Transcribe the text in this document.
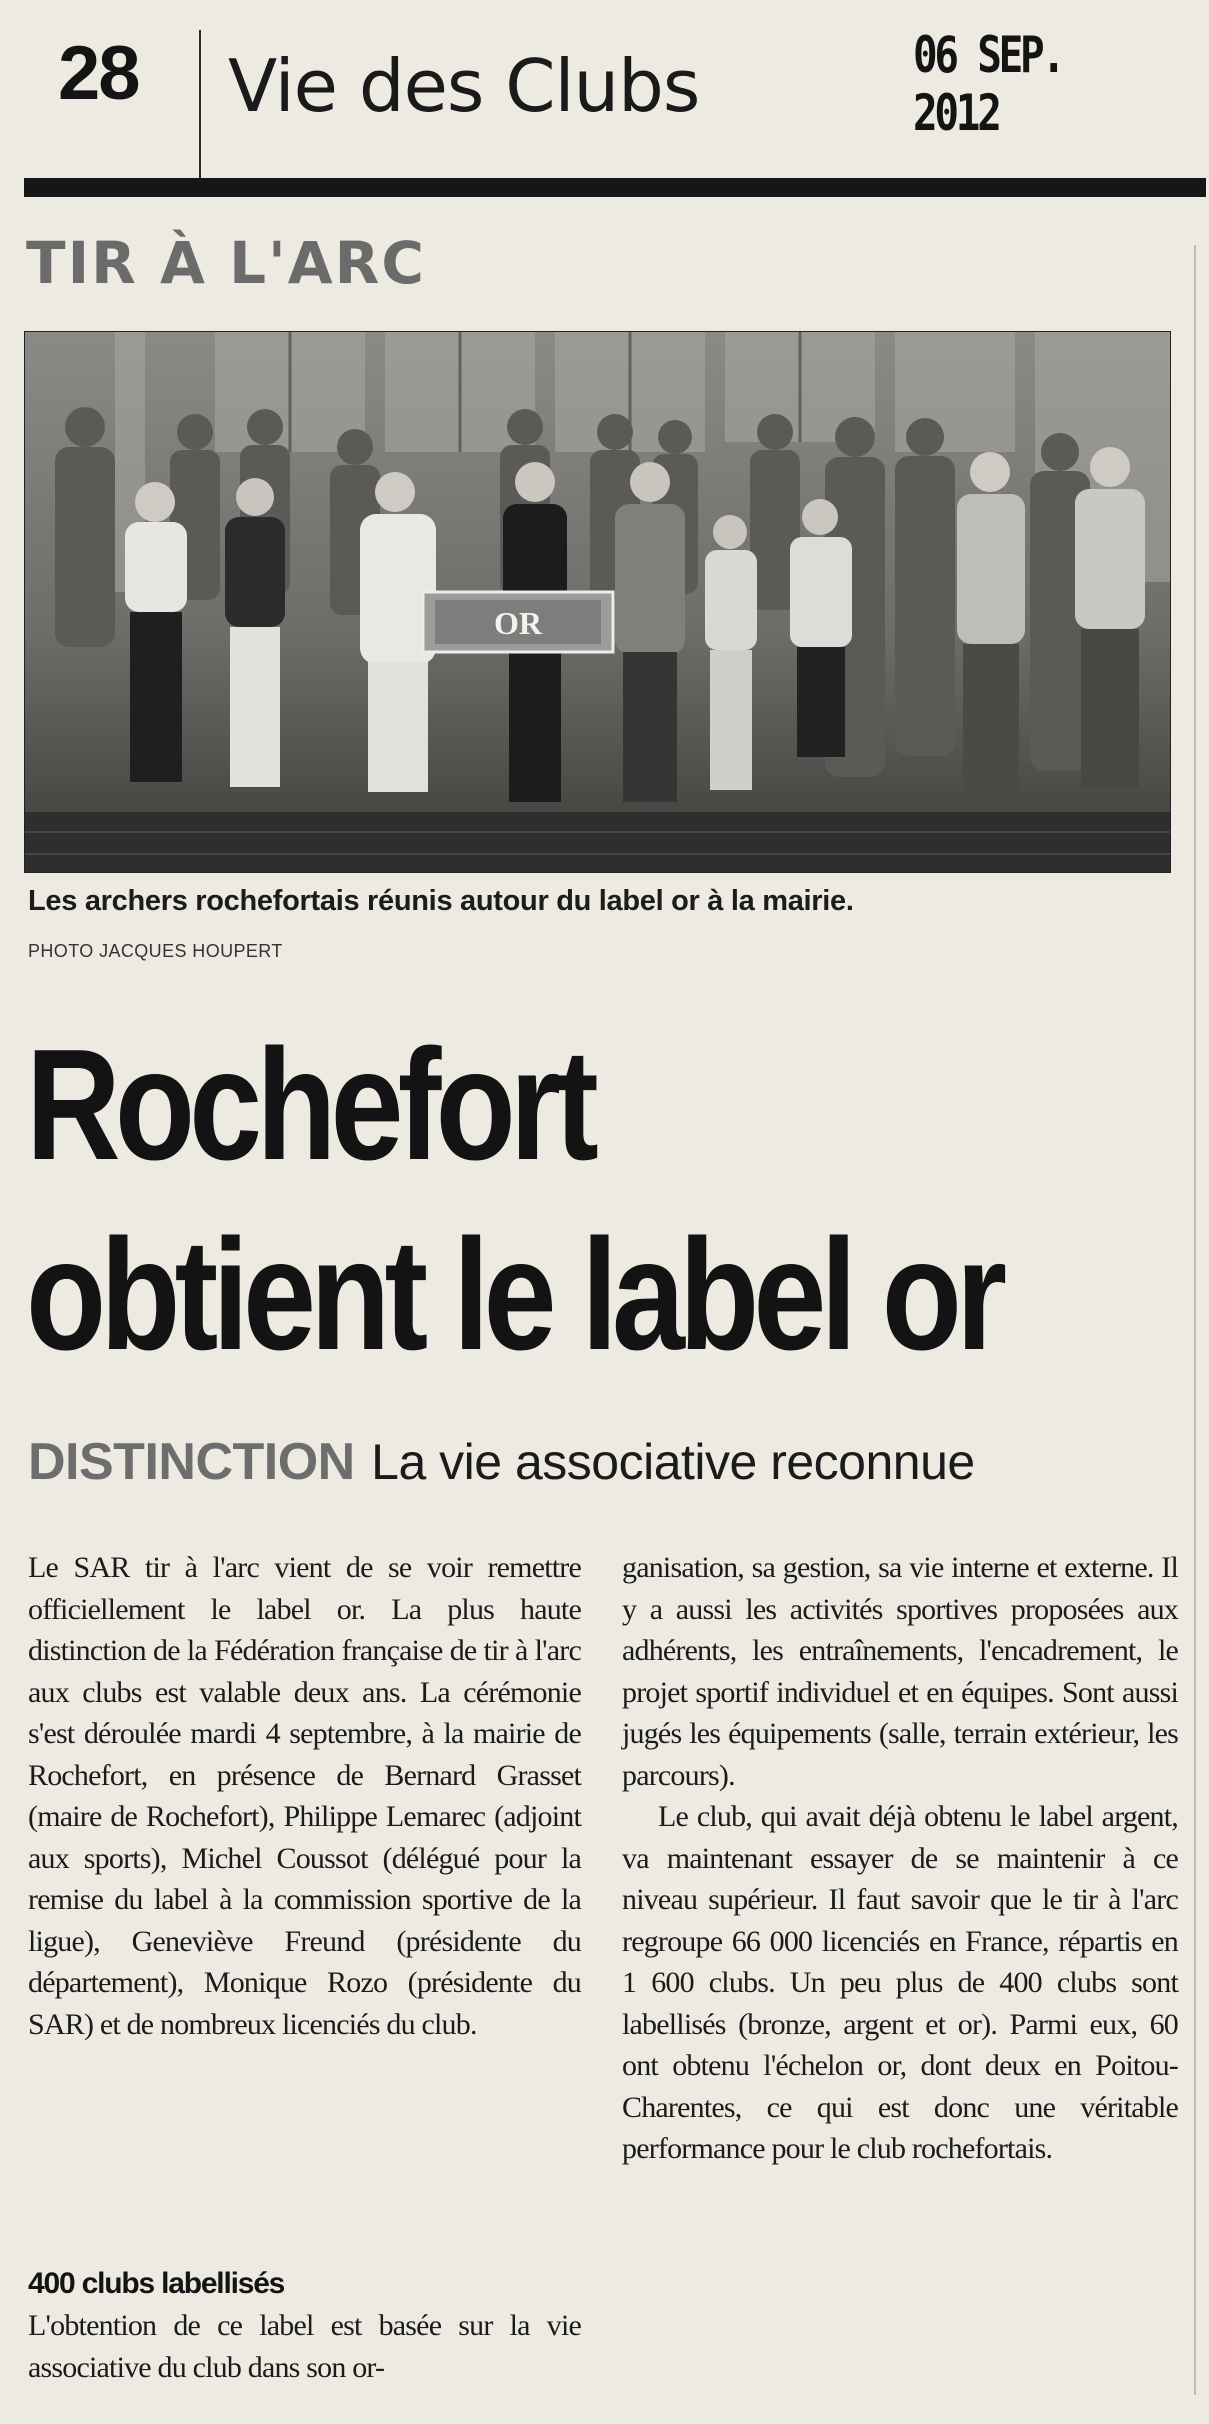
28 Vie des Clubs	06 SEP. 2012
TIR À L'ARC
OR
Les archers rochefortais réunis autour du label or à la mairie.
PHOTO JACQUES HOUPERT
Rochefort
obtient le label or
DISTINCTION La vie associative reconnue

Le SAR tir à l'arc vient de se voir remettre officiellement le label or. La plus haute distinction de la Fédération française de tir à l'arc aux clubs est valable deux ans. La cérémonie s'est déroulée mardi 4 septembre, à la mairie de Rochefort, en présence de Bernard Grasset (maire de Rochefort), Philippe Lemarec (adjoint aux sports), Michel Coussot (délégué pour la remise du label à la commission sportive de la ligue), Geneviève Freund (présidente du département), Monique Rozo (présidente du SAR) et de nombreux licenciés du club.

400 clubs labellisés

L'obtention de ce label est basée sur la vie associative du club dans son or-

ganisation, sa gestion, sa vie interne et externe. Il y a aussi les activités sportives proposées aux adhérents, les entraînements, l'encadrement, le projet sportif individuel et en équipes. Sont aussi jugés les équipements (salle, terrain extérieur, les parcours).

Le club, qui avait déjà obtenu le label argent, va maintenant essayer de se maintenir à ce niveau supérieur. Il faut savoir que le tir à l'arc regroupe 66 000 licenciés en France, répartis en 1 600 clubs. Un peu plus de 400 clubs sont labellisés (bronze, argent et or). Parmi eux, 60 ont obtenu l'échelon or, dont deux en Poitou-Charentes, ce qui est donc une véritable performance pour le club rochefortais.
